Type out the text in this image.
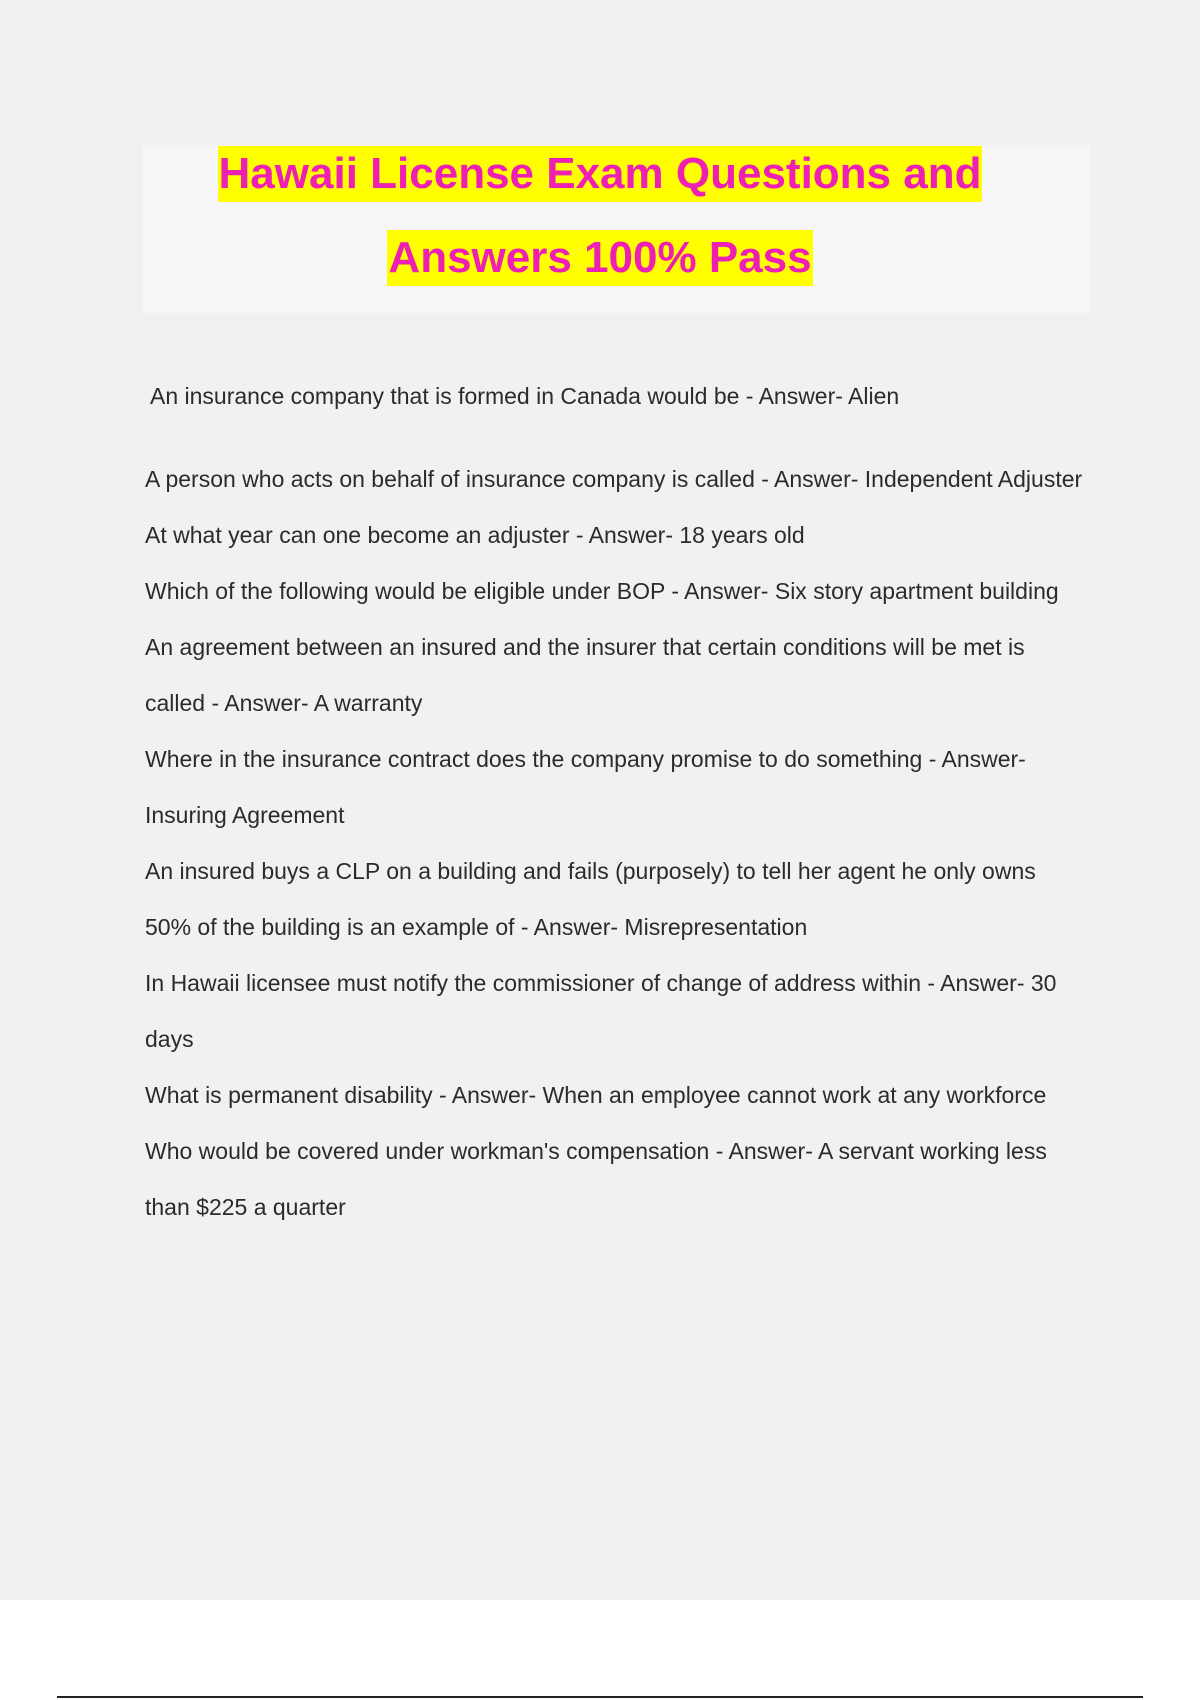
Hawaii License Exam Questions and
Answers 100% Pass
An insurance company that is formed in Canada would be - Answer- Alien
A person who acts on behalf of insurance company is called - Answer- Independent Adjuster
At what year can one become an adjuster - Answer- 18 years old
Which of the following would be eligible under BOP - Answer- Six story apartment building
An agreement between an insured and the insurer that certain conditions will be met is called - Answer- A warranty
Where in the insurance contract does the company promise to do something - Answer- Insuring Agreement
An insured buys a CLP on a building and fails (purposely) to tell her agent he only owns 50% of the building is an example of - Answer- Misrepresentation
In Hawaii licensee must notify the commissioner of change of address within - Answer- 30 days
What is permanent disability - Answer- When an employee cannot work at any workforce
Who would be covered under workman's compensation - Answer- A servant working less than $225 a quarter
